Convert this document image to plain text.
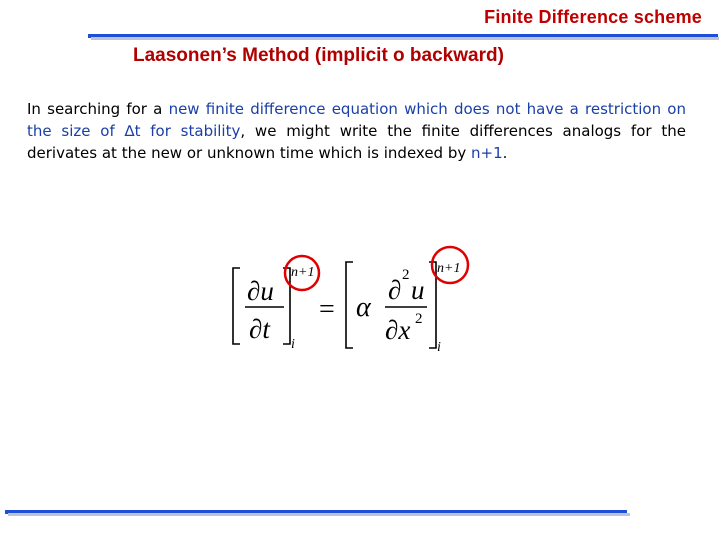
Finite Difference scheme
Laasonen’s Method (implicit o backward)
In searching for a new finite difference equation which does not have a restriction on the size of ∆t for stability, we might write the finite differences analogs for the derivates at the new or unknown time which is indexed by n+1.
∂u
∂t
n+1
i
= α
∂ 2 u
∂x 2
n+1
i
